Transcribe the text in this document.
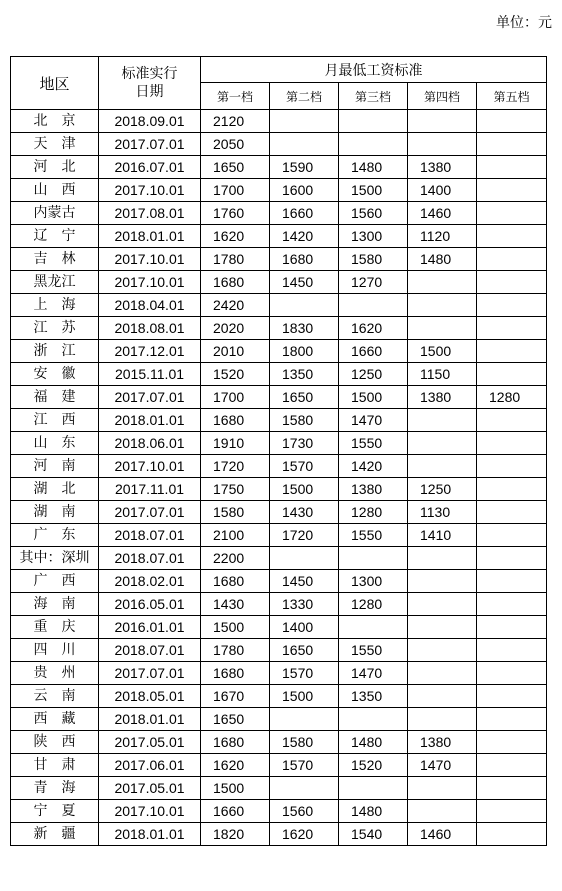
单位：元
地区	标准实行
日期	月最低工资标准				
		第一档	第二档	第三档	第四档	第五档
北　京	2018.09.01	2120				
天　津	2017.07.01	2050				
河　北	2016.07.01	1650	1590	1480	1380	
山　西	2017.10.01	1700	1600	1500	1400	
内蒙古	2017.08.01	1760	1660	1560	1460	
辽　宁	2018.01.01	1620	1420	1300	1120	
吉　林	2017.10.01	1780	1680	1580	1480	
黑龙江	2017.10.01	1680	1450	1270		
上　海	2018.04.01	2420				
江　苏	2018.08.01	2020	1830	1620		
浙　江	2017.12.01	2010	1800	1660	1500	
安　徽	2015.11.01	1520	1350	1250	1150	
福　建	2017.07.01	1700	1650	1500	1380	1280
江　西	2018.01.01	1680	1580	1470		
山　东	2018.06.01	1910	1730	1550		
河　南	2017.10.01	1720	1570	1420		
湖　北	2017.11.01	1750	1500	1380	1250	
湖　南	2017.07.01	1580	1430	1280	1130	
广　东	2018.07.01	2100	1720	1550	1410	
其中：深圳	2018.07.01	2200				
广　西	2018.02.01	1680	1450	1300		
海　南	2016.05.01	1430	1330	1280		
重　庆	2016.01.01	1500	1400			
四　川	2018.07.01	1780	1650	1550		
贵　州	2017.07.01	1680	1570	1470		
云　南	2018.05.01	1670	1500	1350		
西　藏	2018.01.01	1650				
陕　西	2017.05.01	1680	1580	1480	1380	
甘　肃	2017.06.01	1620	1570	1520	1470	
青　海	2017.05.01	1500				
宁　夏	2017.10.01	1660	1560	1480		
新　疆	2018.01.01	1820	1620	1540	1460	
